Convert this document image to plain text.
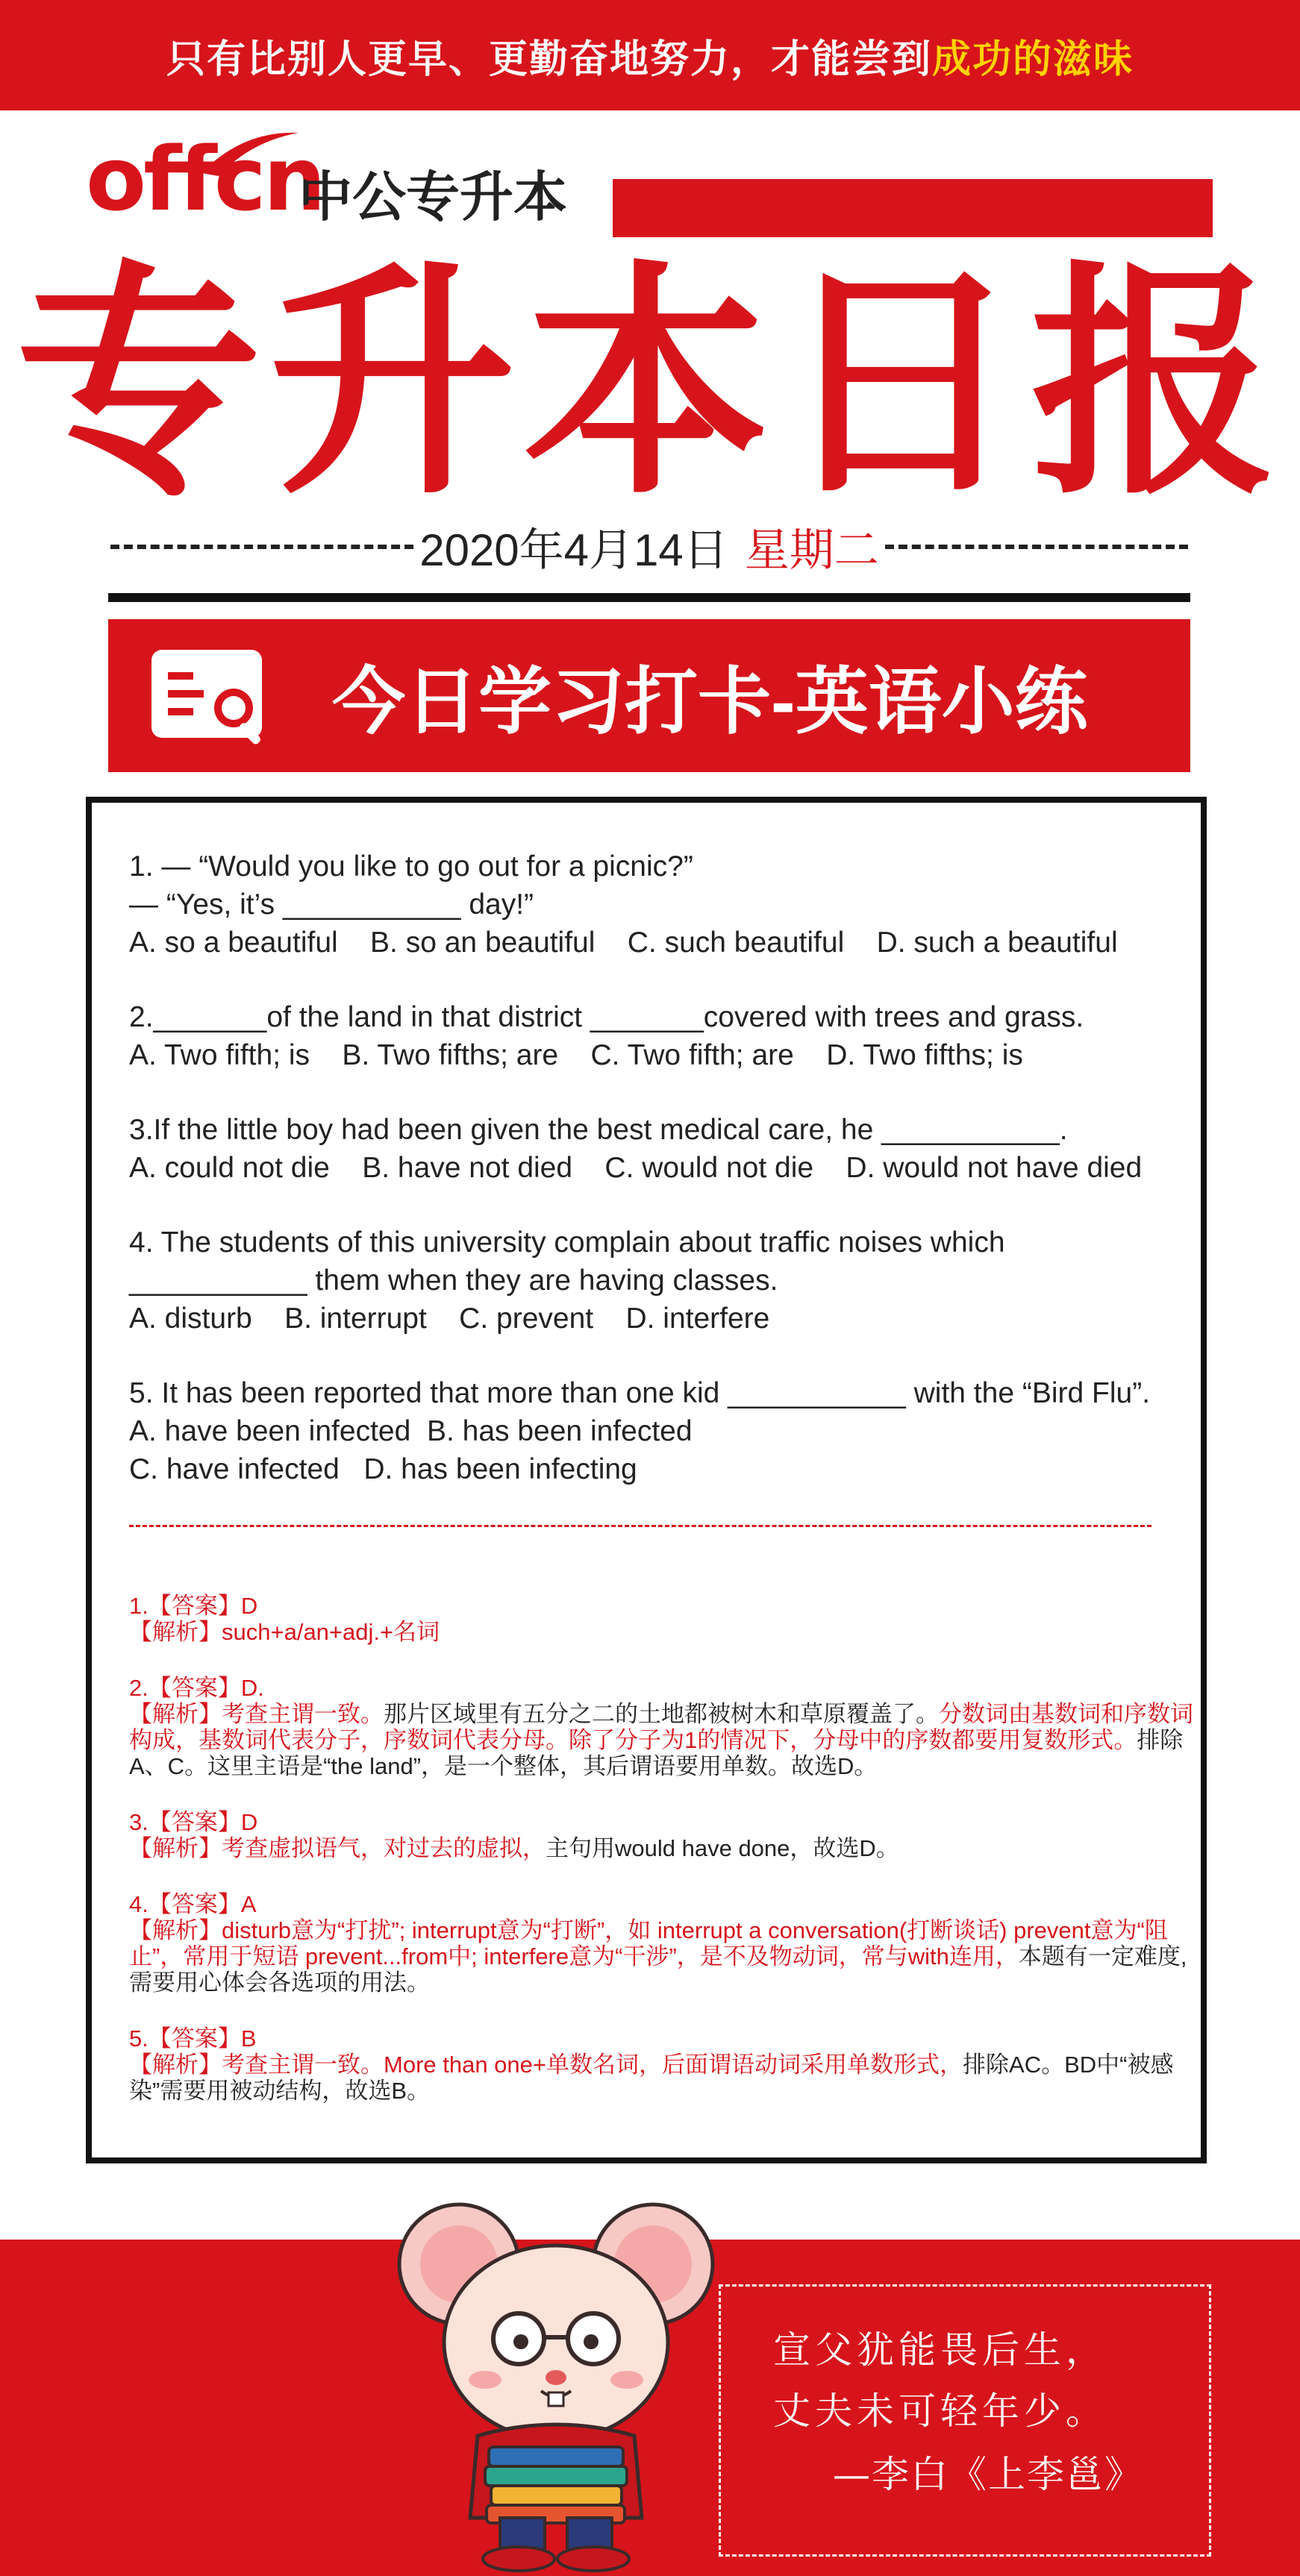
只有比别人更早、更勤奋地努力，才能尝到成功的滋味
offcn
中公专升本
专升本日报
2020年4月14日 星期二
今日学习打卡-英语小练

1. — “Would you like to go out for a picnic?”

— “Yes, it’s ___________ day!”

A. so a beautiful    B. so an beautiful    C. such beautiful    D. such a beautiful

2._______of the land in that district _______covered with trees and grass.

A. Two fifth; is    B. Two fifths; are    C. Two fifth; are    D. Two fifths; is

3.If the little boy had been given the best medical care, he ___________.

A. could not die    B. have not died    C. would not die    D. would not have died

4. The students of this university complain about traffic noises which

___________ them when they are having classes.

A. disturb    B. interrupt    C. prevent    D. interfere

5. It has been reported that more than one kid ___________ with the “Bird Flu”.

A. have been infected  B. has been infected

C. have infected   D. has been infecting

1.【答案】D

【解析】such+a/an+adj.+名词

2.【答案】D.

【解析】考查主谓一致。那片区域里有五分之二的土地都被树木和草原覆盖了。分数词由基数词和序数词构成，基数词代表分子，序数词代表分母。除了分子为1的情况下，分母中的序数都要用复数形式。排除A、C。这里主语是“the land”，是一个整体，其后谓语要用单数。故选D。

3.【答案】D

【解析】考查虚拟语气，对过去的虚拟，主句用would have done，故选D。

4.【答案】A

【解析】disturb意为“打扰”; interrupt意为“打断”，如 interrupt a conversation(打断谈话) prevent意为“阻止”，常用于短语 prevent...from中; interfere意为“干涉”，是不及物动词，常与with连用，本题有一定难度,需要用心体会各选项的用法。

5.【答案】B

【解析】考查主谓一致。More than one+单数名词，后面谓语动词采用单数形式，排除AC。BD中“被感染”需要用被动结构，故选B。

宣父犹能畏后生，
丈夫未可轻年少。
—李白《上李邕》
